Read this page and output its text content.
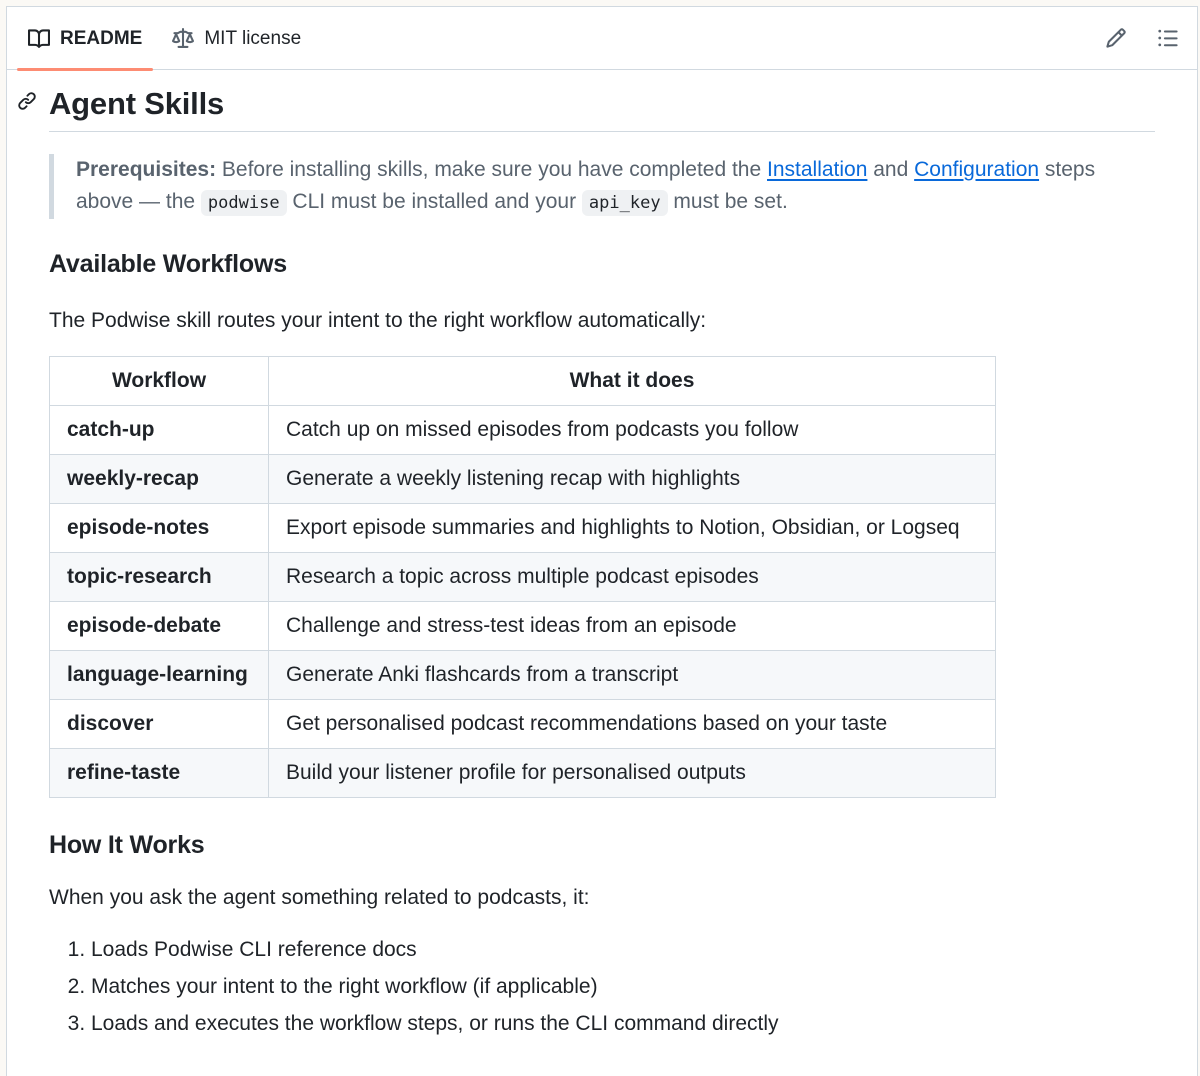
README	MIT license
Agent Skills
Prerequisites: Before installing skills, make sure you have completed the Installation and Configuration steps above — the podwise CLI must be installed and your api_key must be set.
Available Workflows

The Podwise skill routes your intent to the right workflow automatically:

Workflow	What it does
catch-up	Catch up on missed episodes from podcasts you follow
weekly-recap	Generate a weekly listening recap with highlights
episode-notes	Export episode summaries and highlights to Notion, Obsidian, or Logseq
topic-research	Research a topic across multiple podcast episodes
episode-debate	Challenge and stress-test ideas from an episode
language-learning	Generate Anki flashcards from a transcript
discover	Get personalised podcast recommendations based on your taste
refine-taste	Build your listener profile for personalised outputs
How It Works

When you ask the agent something related to podcasts, it:

1. Loads Podwise CLI reference docs
2. Matches your intent to the right workflow (if applicable)
3. Loads and executes the workflow steps, or runs the CLI command directly
